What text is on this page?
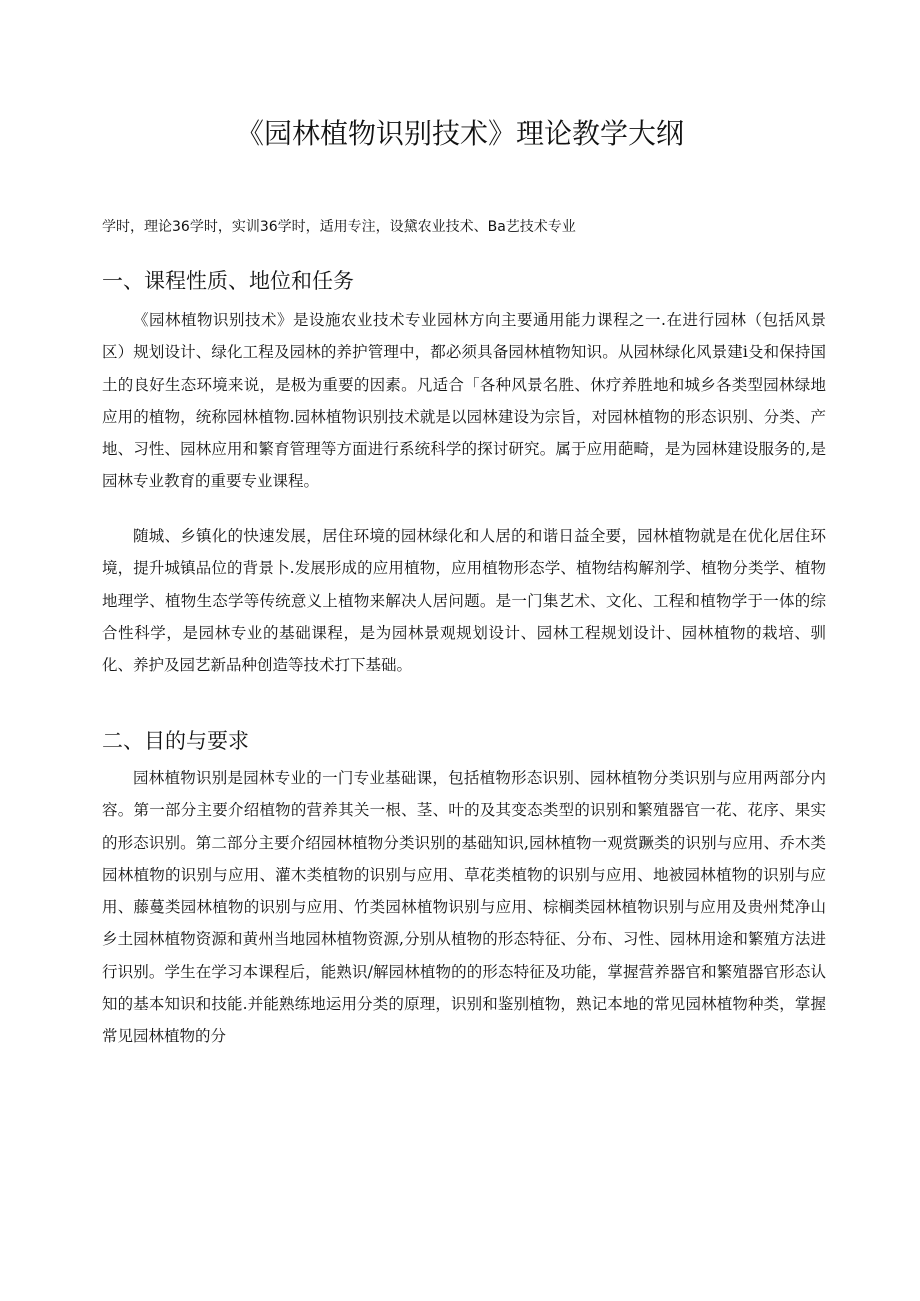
《园林植物识别技术》理论教学大纲

学时，理论36学时，实训36学时，适用专注，设黛农业技术、Ba艺技术专业

一、课程性质、地位和任务

《园林植物识别技术》是设施农业技术专业园林方向主要通用能力课程之一.在进行园林（包括风景区）规划设计、绿化工程及园林的养护管理中，都必须具备园林植物知识。从园林绿化风景建i殳和保持国土的良好生态环境来说，是极为重要的因素。凡适合「各种风景名胜、休疗养胜地和城乡各类型园林绿地应用的植物，统称园林植物.园林植物识别技术就是以园林建设为宗旨，对园林植物的形态识别、分类、产地、习性、园林应用和繁育管理等方面进行系统科学的探讨研究。属于应用葩畸，是为园林建设服务的,是园林专业教育的重要专业课程。

随城、乡镇化的快速发展，居住环境的园林绿化和人居的和谐日益全要，园林植物就是在优化居住环境，提升城镇品位的背景卜.发展形成的应用植物，应用植物形态学、植物结构解剂学、植物分类学、植物地理学、植物生态学等传统意义上植物来解决人居问题。是一门集艺术、文化、工程和植物学于一体的综合性科学，是园林专业的基础课程，是为园林景观规划设计、园林工程规划设计、园林植物的栽培、驯化、养护及园艺新品种创造等技术打下基础。

二、目的与要求

园林植物识别是园林专业的一门专业基础课，包括植物形态识别、园林植物分类识别与应用两部分内容。第一部分主要介绍植物的营养其关一根、茎、叶的及其变态类型的识别和繁殖器官一花、花序、果实的形态识别。第二部分主要介绍园林植物分类识别的基础知识,园林植物一观赏蹶类的识别与应用、乔木类园林植物的识别与应用、灌木类植物的识别与应用、草花类植物的识别与应用、地被园林植物的识别与应用、藤蔓类园林植物的识别与应用、竹类园林植物识别与应用、棕榈类园林植物识别与应用及贵州梵净山乡土园林植物资源和黄州当地园林植物资源,分别从植物的形态特征、分布、习性、园林用途和繁殖方法进行识别。学生在学习本课程后，能熟识/解园林植物的的形态特征及功能，掌握营养器官和繁殖器官形态认知的基本知识和技能.并能熟练地运用分类的原理，识别和鉴别植物，熟记本地的常见园林植物种类，掌握常见园林植物的分
